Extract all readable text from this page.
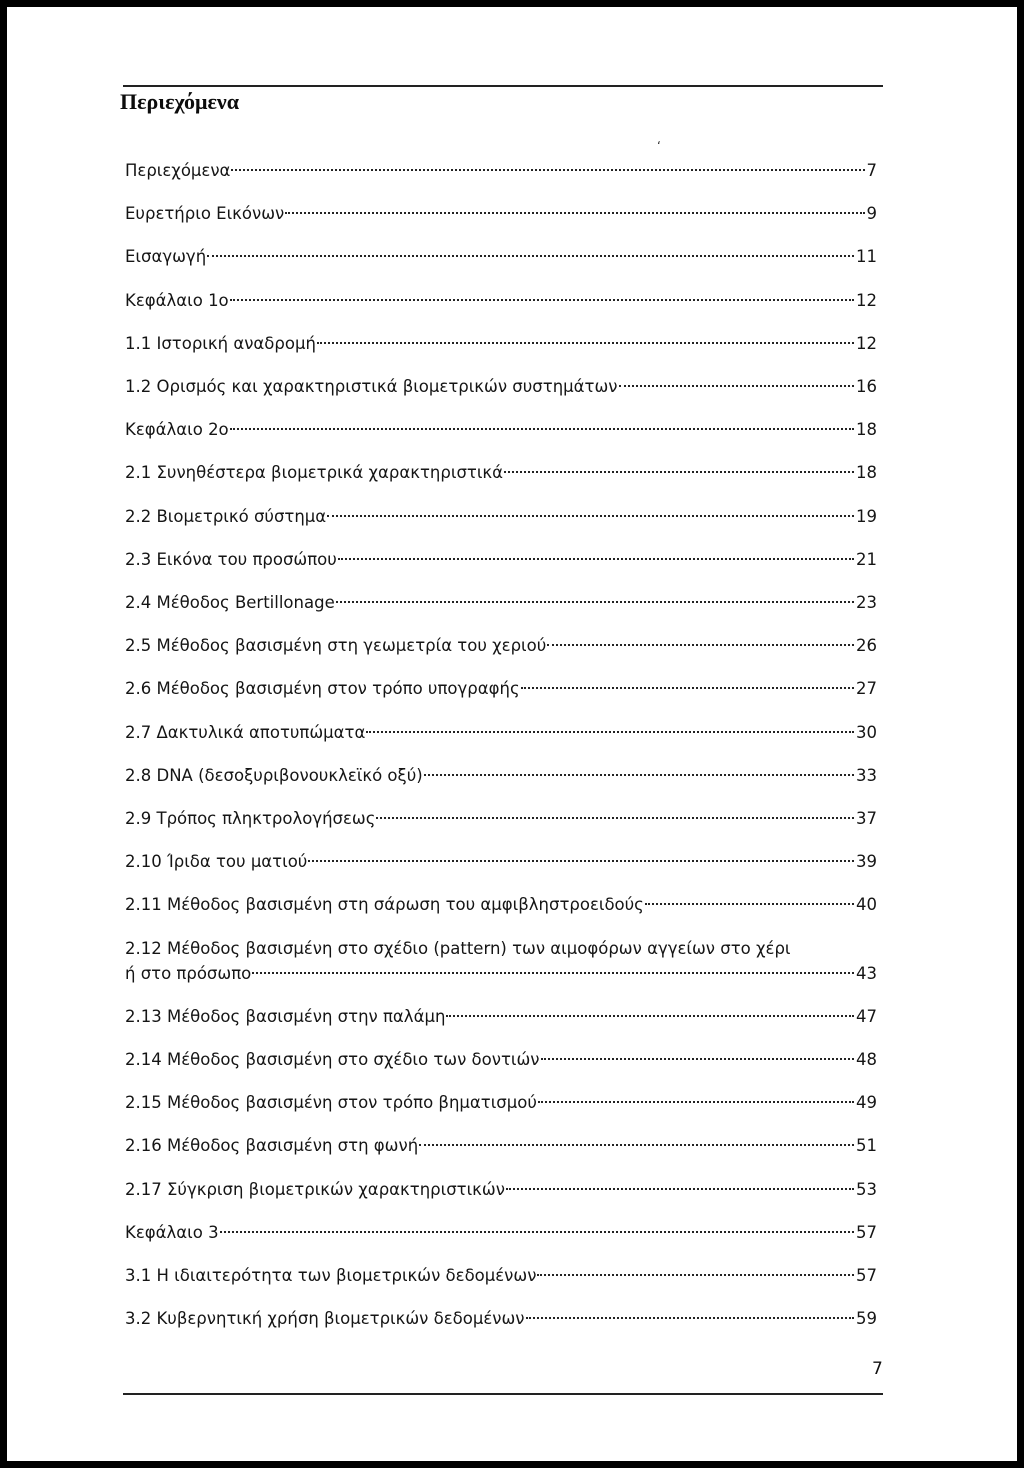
Περιεχόμενα
‘
Περιεχόμενα	7
Ευρετήριο Εικόνων	9
Εισαγωγή	11
Κεφάλαιο 1ο	12
1.1 Ιστορική αναδρομή	12
1.2 Ορισμός και χαρακτηριστικά βιομετρικών συστημάτων	16
Κεφάλαιο 2ο	18
2.1 Συνηθέστερα βιομετρικά χαρακτηριστικά	18
2.2 Βιομετρικό σύστημα	19
2.3 Εικόνα του προσώπου	21
2.4 Μέθοδος Bertillonage	23
2.5 Μέθοδος βασισμένη στη γεωμετρία του χεριού	26
2.6 Μέθοδος βασισμένη στον τρόπο υπογραφής	27
2.7 Δακτυλικά αποτυπώματα	30
2.8 DNA (δεσοξυριβονουκλεϊκό οξύ)	33
2.9 Τρόπος πληκτρολογήσεως	37
2.10 Ίριδα του ματιού	39
2.11 Μέθοδος βασισμένη στη σάρωση του αμφιβληστροειδούς	40
2.12 Μέθοδος βασισμένη στο σχέδιο (pattern) των αιμοφόρων αγγείων στο χέρι
ή στο πρόσωπο	43
2.13 Μέθοδος βασισμένη στην παλάμη	47
2.14 Μέθοδος βασισμένη στο σχέδιο των δοντιών	48
2.15 Μέθοδος βασισμένη στον τρόπο βηματισμού	49
2.16 Μέθοδος βασισμένη στη φωνή	51
2.17 Σύγκριση βιομετρικών χαρακτηριστικών	53
Κεφάλαιο 3	57
3.1 Η ιδιαιτερότητα των βιομετρικών δεδομένων	57
3.2 Κυβερνητική χρήση βιομετρικών δεδομένων	59
7
